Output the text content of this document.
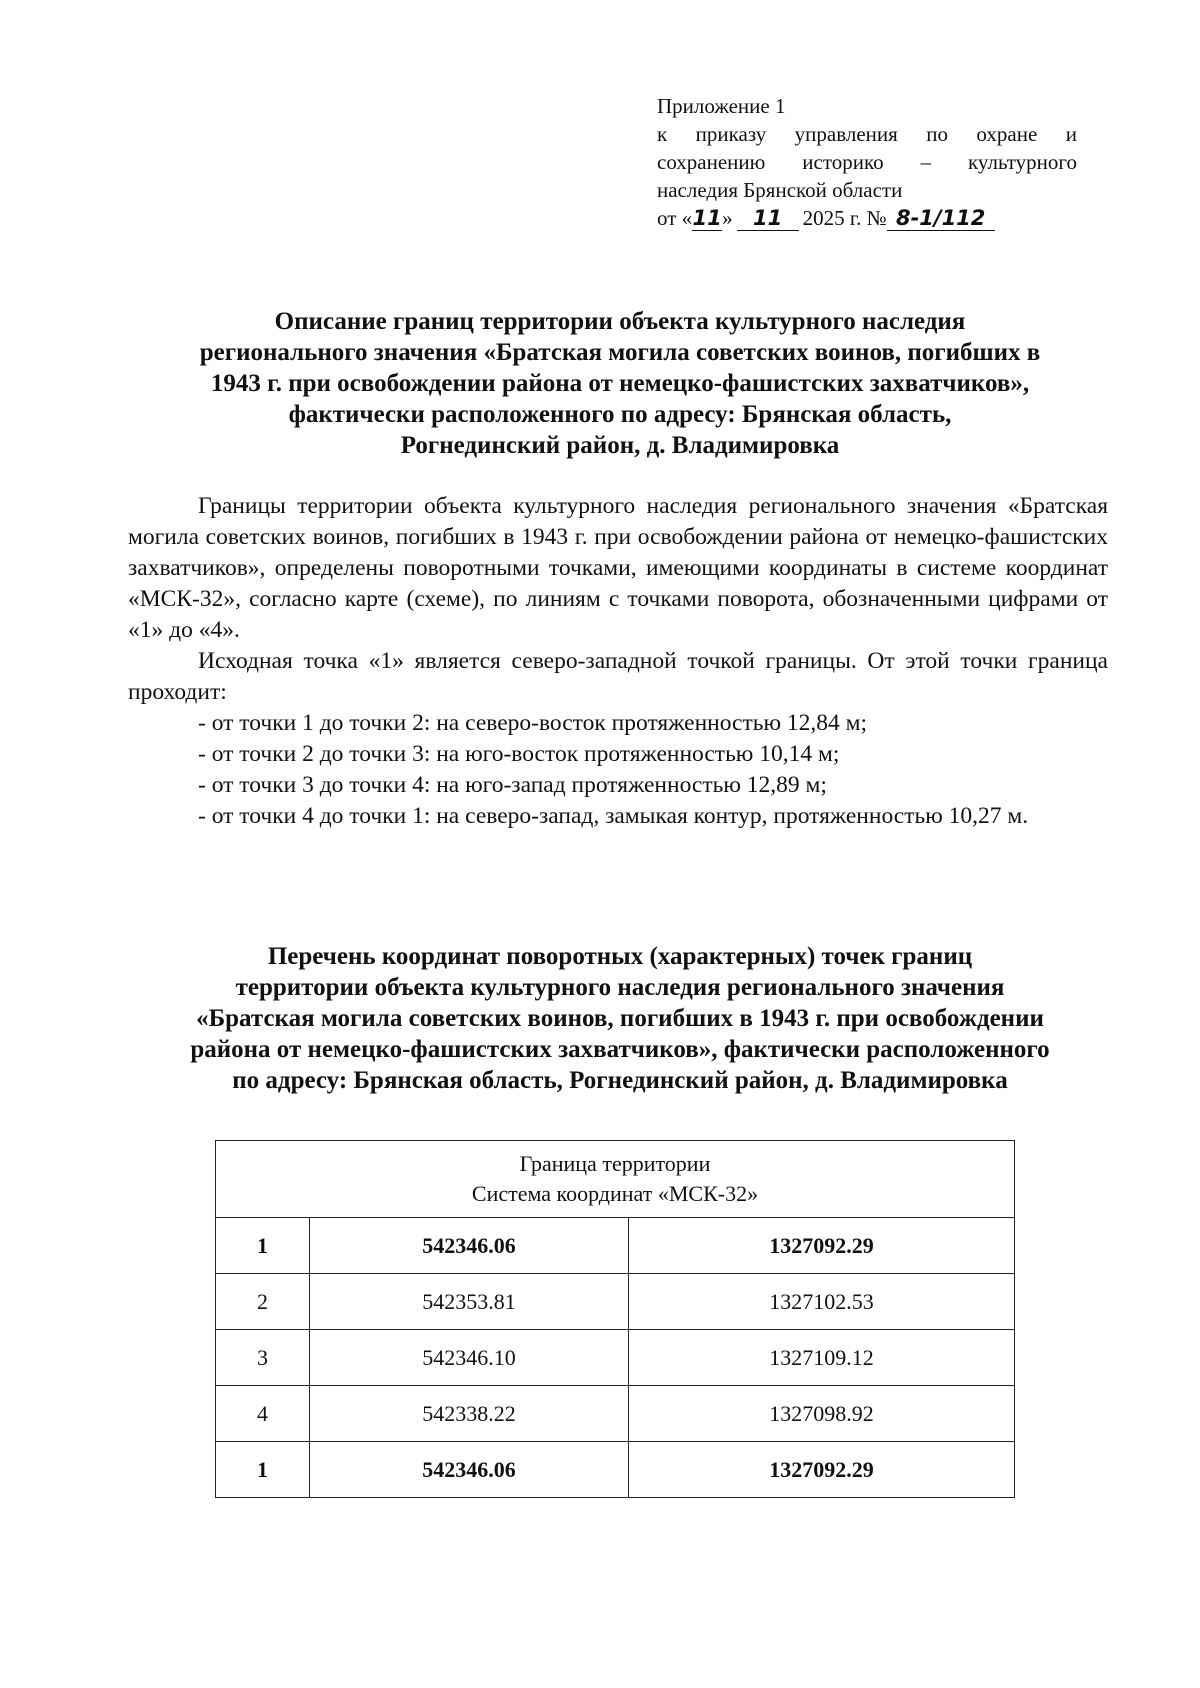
Приложение 1
к приказу управления по охране и
сохранению историко – культурного
наследия Брянской области
от «11» 11 2025 г. № 8-1/112
Описание границ территории объекта культурного наследия
регионального значения «Братская могила советских воинов, погибших в
1943 г. при освобождении района от немецко-фашистских захватчиков»,
фактически расположенного по адресу: Брянская область,
Рогнединский район, д. Владимировка

Границы территории объекта культурного наследия регионального значения «Братская могила советских воинов, погибших в 1943 г. при освобождении района от немецко-фашистских захватчиков», определены поворотными точками, имеющими координаты в системе координат «МСК-32», согласно карте (схеме), по линиям с точками поворота, обозначенными цифрами от «1» до «4».

Исходная точка «1» является северо-западной точкой границы. От этой точки граница проходит:

- от точки 1 до точки 2: на северо-восток протяженностью 12,84 м;

- от точки 2 до точки 3: на юго-восток протяженностью 10,14 м;

- от точки 3 до точки 4: на юго-запад протяженностью 12,89 м;

- от точки 4 до точки 1: на северо-запад, замыкая контур, протяженностью 10,27 м.

Перечень координат поворотных (характерных) точек границ
территории объекта культурного наследия регионального значения
«Братская могила советских воинов, погибших в 1943 г. при освобождении
района от немецко-фашистских захватчиков», фактически расположенного
по адресу: Брянская область, Рогнединский район, д. Владимировка
Граница территории
Система координат «МСК-32»		

1	542346.06	1327092.29
2	542353.81	1327102.53
3	542346.10	1327109.12
4	542338.22	1327098.92
1	542346.06	1327092.29
